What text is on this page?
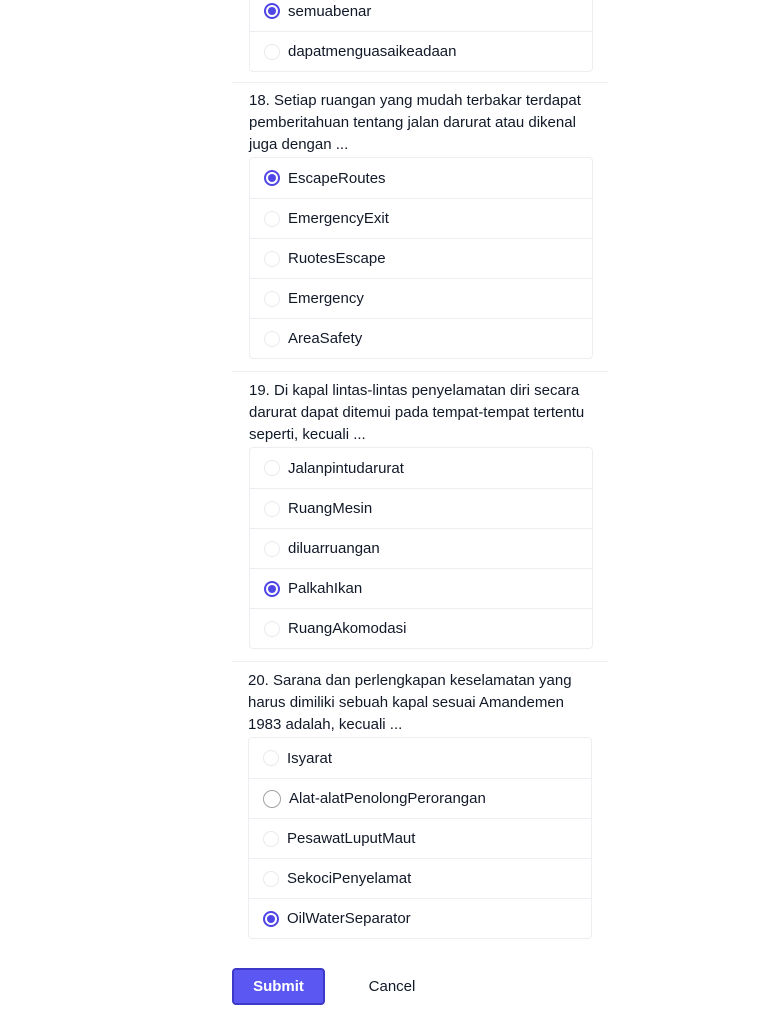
semuabenar
dapatmenguasaikeadaan
18. Setiap ruangan yang mudah terbakar terdapat pemberitahuan tentang jalan darurat atau dikenal juga dengan ...
EscapeRoutes
EmergencyExit
RuotesEscape
Emergency
AreaSafety
19. Di kapal lintas-lintas penyelamatan diri secara darurat dapat ditemui pada tempat-tempat tertentu seperti, kecuali ...
Jalanpintudarurat
RuangMesin
diluarruangan
PalkahIkan
RuangAkomodasi
20. Sarana dan perlengkapan keselamatan yang harus dimiliki sebuah kapal sesuai Amandemen 1983 adalah, kecuali ...
Isyarat
Alat-alatPenolongPerorangan
PesawatLuputMaut
SekociPenyelamat
OilWaterSeparator
Submit	Cancel
